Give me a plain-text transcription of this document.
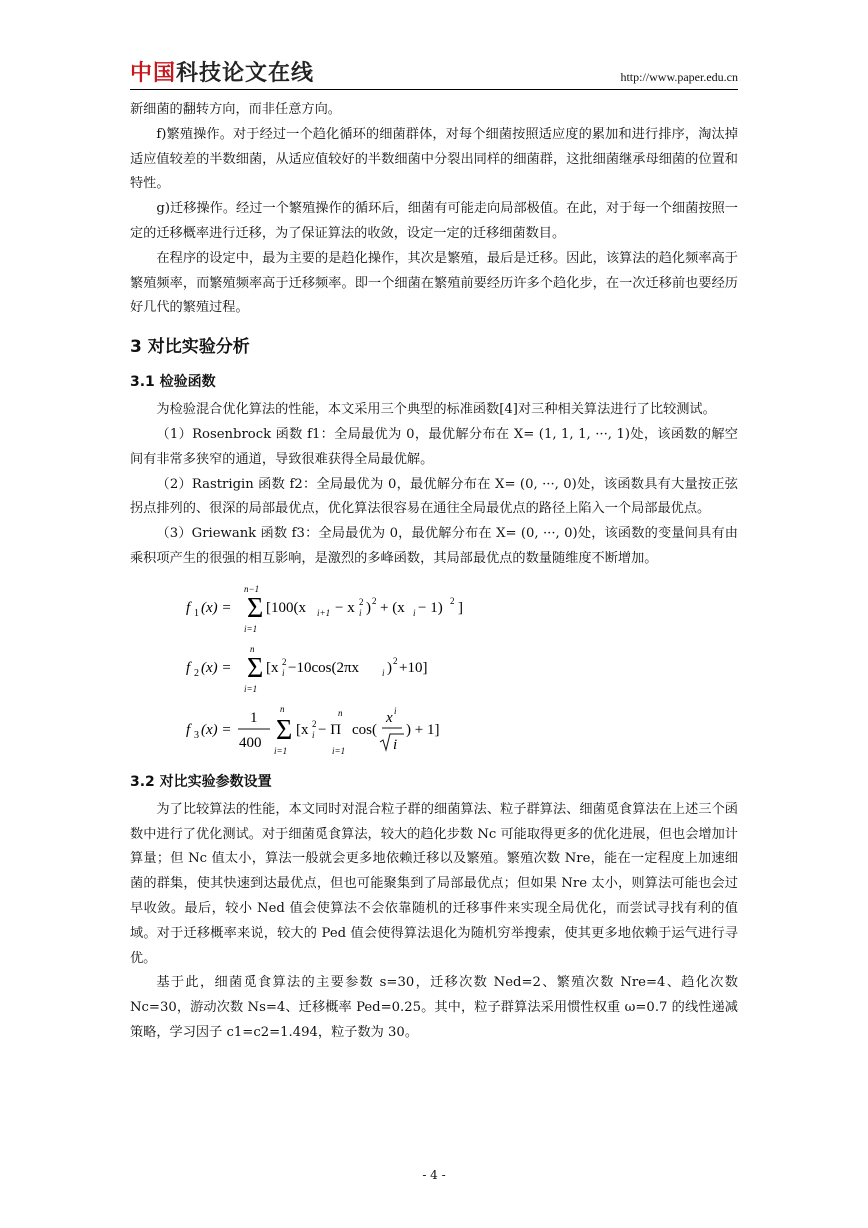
中国科技论文在线	http://www.paper.edu.cn

新细菌的翻转方向，而非任意方向。

f)繁殖操作。对于经过一个趋化循环的细菌群体，对每个细菌按照适应度的累加和进行排序，淘汰掉适应值较差的半数细菌，从适应值较好的半数细菌中分裂出同样的细菌群，这批细菌继承母细菌的位置和特性。

g)迁移操作。经过一个繁殖操作的循环后，细菌有可能走向局部极值。在此，对于每一个细菌按照一定的迁移概率进行迁移，为了保证算法的收敛，设定一定的迁移细菌数目。

在程序的设定中，最为主要的是趋化操作，其次是繁殖，最后是迁移。因此，该算法的趋化频率高于繁殖频率，而繁殖频率高于迁移频率。即一个细菌在繁殖前要经历许多个趋化步，在一次迁移前也要经历好几代的繁殖过程。

3 对比实验分析
3.1 检验函数

为检验混合优化算法的性能，本文采用三个典型的标准函数[4]对三种相关算法进行了比较测试。

（1）Rosenbrock 函数 f1：全局最优为 0，最优解分布在 X= (1, 1, 1, ···, 1)处，该函数的解空间有非常多狭窄的通道，导致很难获得全局最优解。

（2）Rastrigin 函数 f2：全局最优为 0，最优解分布在 X= (0, ···, 0)处，该函数具有大量按正弦拐点排列的、很深的局部最优点，优化算法很容易在通往全局最优点的路径上陷入一个局部最优点。

（3）Griewank 函数 f3：全局最优为 0，最优解分布在 X= (0, ···, 0)处，该函数的变量间具有由乘积项产生的很强的相互影响，是激烈的多峰函数，其局部最优点的数量随维度不断增加。

f 1 (x) =
n−1
Σ
i=1
[100(x i+1 − x i
2 ) 2 + (x i − 1) 2 ]
f 2 (x) =
n
Σ
i=1
[x i
2 −10cos(2πx	i ) 2 +10]
f 3 (x) =
1
400
n
Σ
i=1
[x i
2 − Π
n
i=1
cos(
x i
i
) + 1]
3.2 对比实验参数设置

为了比较算法的性能，本文同时对混合粒子群的细菌算法、粒子群算法、细菌觅食算法在上述三个函数中进行了优化测试。对于细菌觅食算法，较大的趋化步数 Nc 可能取得更多的优化进展，但也会增加计算量；但 Nc 值太小，算法一般就会更多地依赖迁移以及繁殖。繁殖次数 Nre，能在一定程度上加速细菌的群集，使其快速到达最优点，但也可能聚集到了局部最优点；但如果 Nre 太小，则算法可能也会过早收敛。最后，较小 Ned 值会使算法不会依靠随机的迁移事件来实现全局优化，而尝试寻找有利的值域。对于迁移概率来说，较大的 Ped 值会使得算法退化为随机穷举搜索，使其更多地依赖于运气进行寻优。

基于此，细菌觅食算法的主要参数 s=30，迁移次数 Ned=2、繁殖次数 Nre=4、趋化次数 Nc=30，游动次数 Ns=4、迁移概率 Ped=0.25。其中，粒子群算法采用惯性权重 ω=0.7 的线性递减策略，学习因子 c1=c2=1.494，粒子数为 30。

- 4 -
